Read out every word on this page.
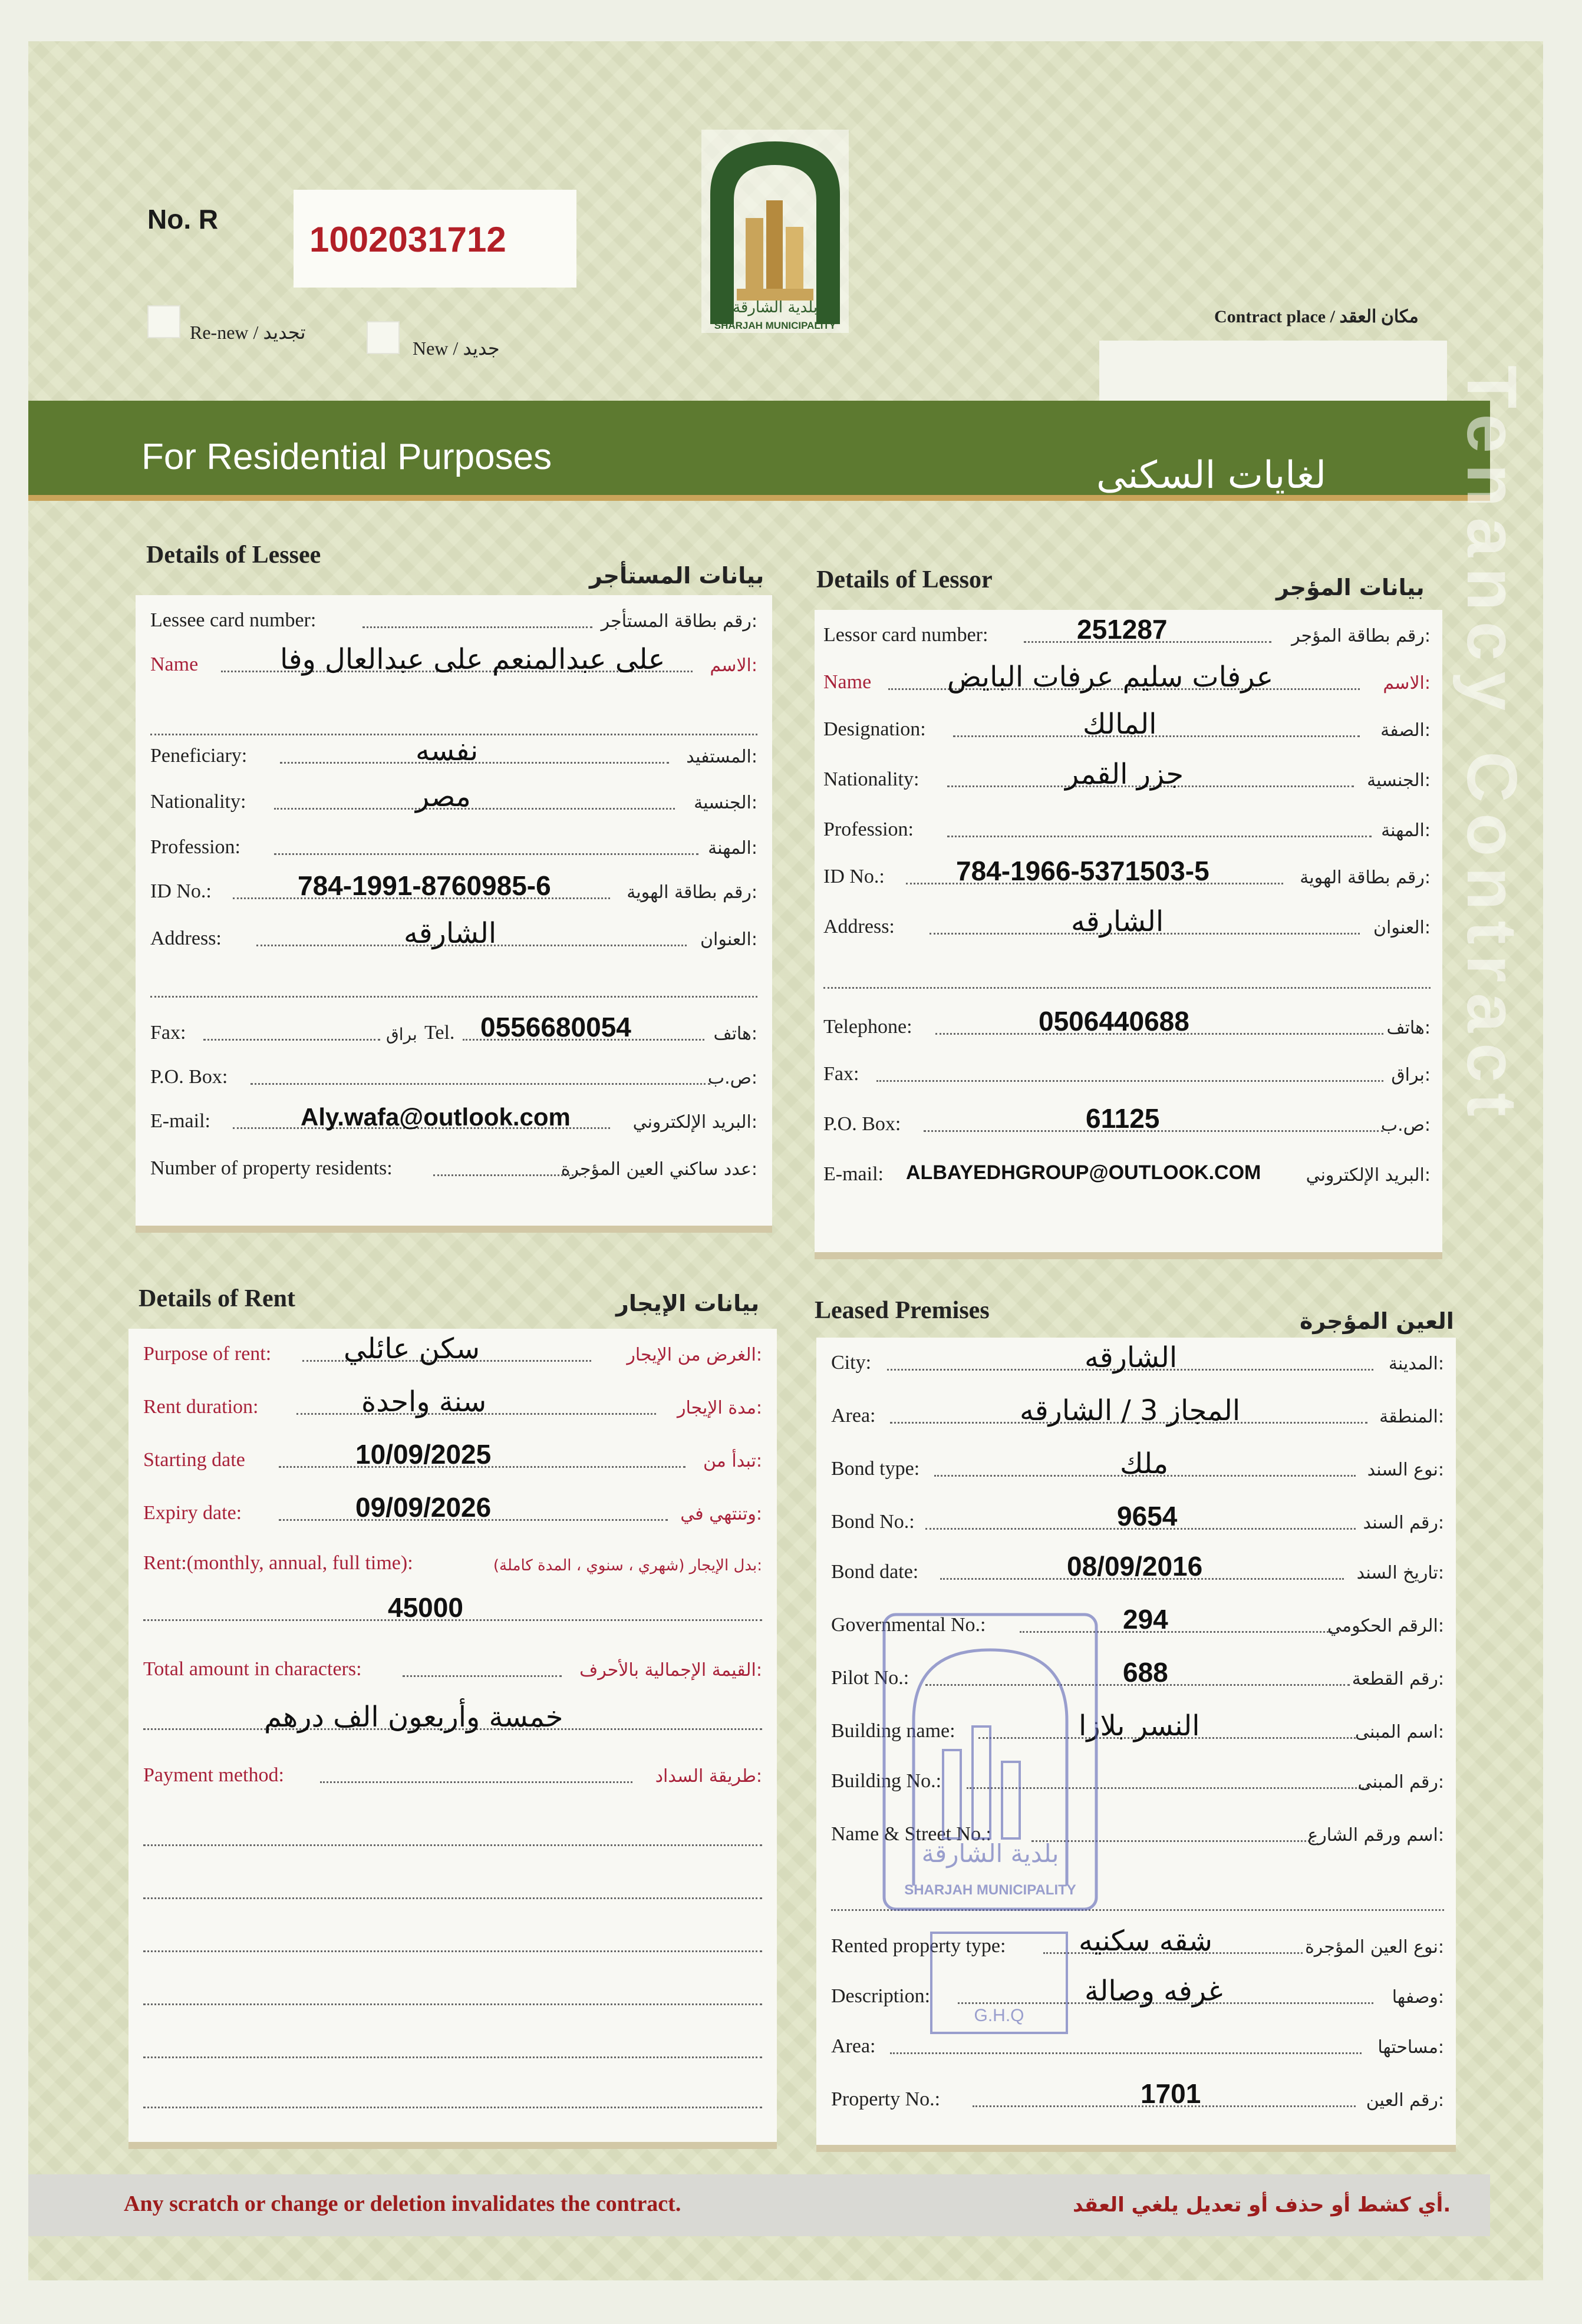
No. R
1002031712
Re-new / تجديد
New / جديد
بلدية الشارقة
SHARJAH MUNICIPALITY	Contract place / مكان العقد
For Residential Purposes	لغايات السكنى Tenancy Contract
Details of Lessee
بيانات المستأجر
Lessee card number:	رقم بطاقة المستأجر:
Name	على عبدالمنعم على عبدالعال وفا	الاسم:
Peneficiary:	نفسه	المستفيد:
Nationality:	مصر	الجنسية:
Profession:	المهنة:
ID No.:	784-1991-8760985-6	رقم بطاقة الهوية:
Address:	الشارقه	العنوان:
Fax:	براق Tel. 0556680054	هاتف:
P.O. Box:	ص.ب:
E-mail:	Aly.wafa@outlook.com	البريد الإلكتروني:
Number of property residents:	عدد ساكني العين المؤجرة:
Details of Lessor	بيانات المؤجر
Lessor card number:	251287	رقم بطاقة المؤجر:
Name	عرفات سليم عرفات البايض	الاسم:
Designation:	المالك	الصفة:
Nationality:	جزر القمر	الجنسية:
Profession:	المهنة:
ID No.:	784-1966-5371503-5	رقم بطاقة الهوية:
Address:	الشارقه	العنوان:
Telephone:	0506440688	هاتف:
Fax:	براق:
P.O. Box:	61125	ص.ب:
E-mail: ALBAYEDHGROUP@OUTLOOK.COM	البريد الإلكتروني:
Details of Rent	بيانات الإيجار
Purpose of rent:	سكن عائلي	الغرض من الإيجار:
Rent duration:	سنة واحدة	مدة الإيجار:
Starting date	10/09/2025	تبدأ من:
Expiry date:	09/09/2026	وتنتهي في:
Rent:(monthly, annual, full time):	بدل الإيجار (شهري ، سنوي ، المدة كاملة):
45000
Total amount in characters:	القيمة الإجمالية بالأحرف:
خمسة وأربعون الف درهم
Payment method:	طريقة السداد:
Leased Premises	العين المؤجرة
City:	الشارقه	المدينة:
Area:	المجاز 3 / الشارقه	المنطقة:
Bond type:	ملك	نوع السند:
Bond No.:	9654	رقم السند:
Bond date:	08/09/2016	تاريخ السند:
Governmental No.:	294	الرقم الحكومي:
Pilot No.:	688	رقم القطعة:
Building name:	النسر بلازا	اسم المبنى:
Building No.:	رقم المبنى:
Name & Street No.:	اسم ورقم الشارع:
Rented property type:	شقه سكنيه	نوع العين المؤجرة:
Description:	غرفه وصالة	وصفها:
Area:	مساحتها:
Property No.:	1701	رقم العين:
بلدية الشارقة
SHARJAH MUNICIPALITY
G.H.Q
Any scratch or change or deletion invalidates the contract.	أي كشط أو حذف أو تعديل يلغي العقد.
